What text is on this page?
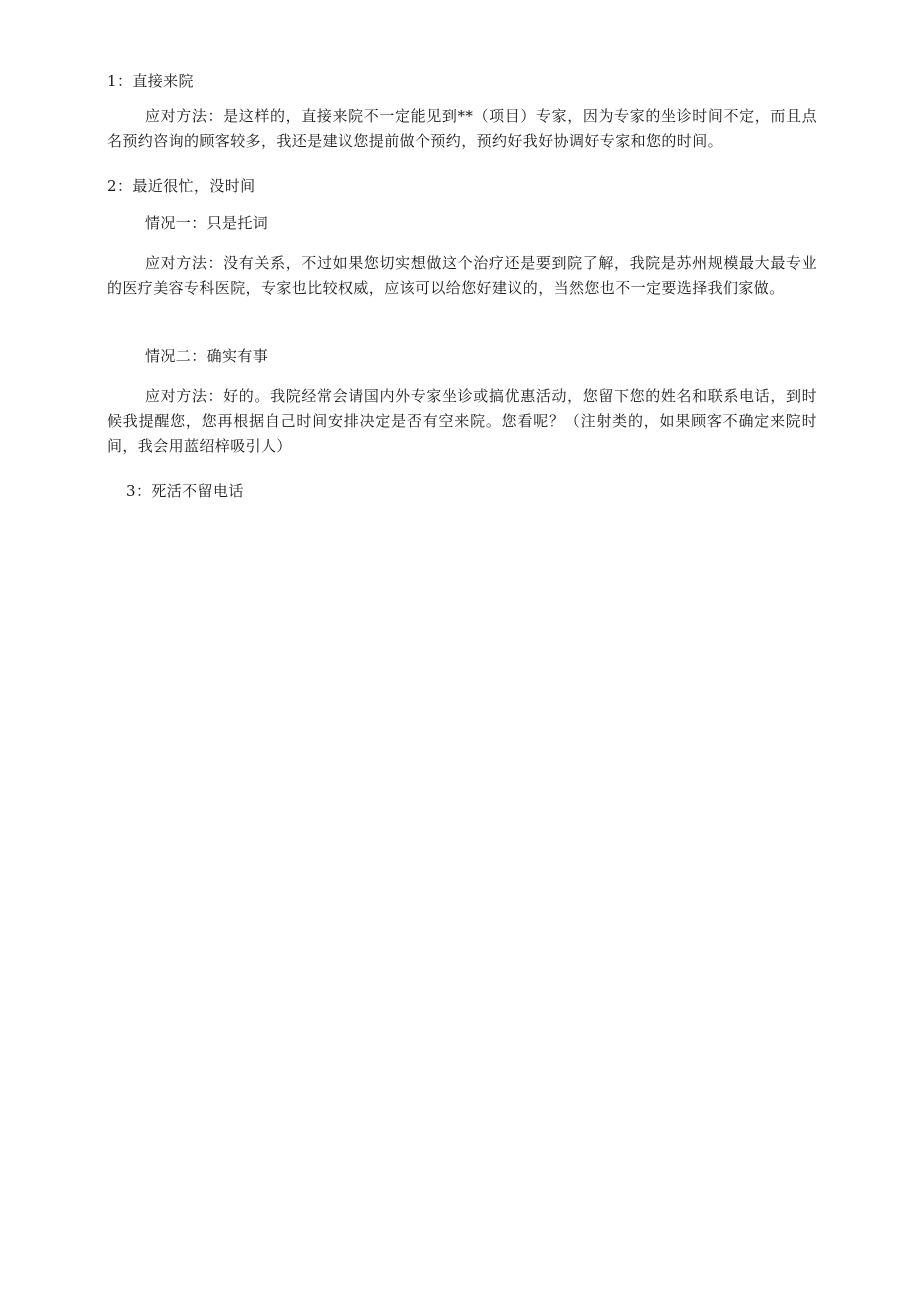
1：直接来院
应对方法：是这样的，直接来院不一定能见到**（项目）专家，因为专家的坐诊时间不定，而且点名预约咨询的顾客较多，我还是建议您提前做个预约，预约好我好协调好专家和您的时间。
2：最近很忙，没时间
情况一：只是托词
应对方法：没有关系，不过如果您切实想做这个治疗还是要到院了解，我院是苏州规模最大最专业的医疗美容专科医院，专家也比较权威，应该可以给您好建议的，当然您也不一定要选择我们家做。
情况二：确实有事
应对方法：好的。我院经常会请国内外专家坐诊或搞优惠活动，您留下您的姓名和联系电话，到时候我提醒您，您再根据自己时间安排决定是否有空来院。您看呢？（注射类的，如果顾客不确定来院时间，我会用蓝绍梓吸引人）
3：死活不留电话
